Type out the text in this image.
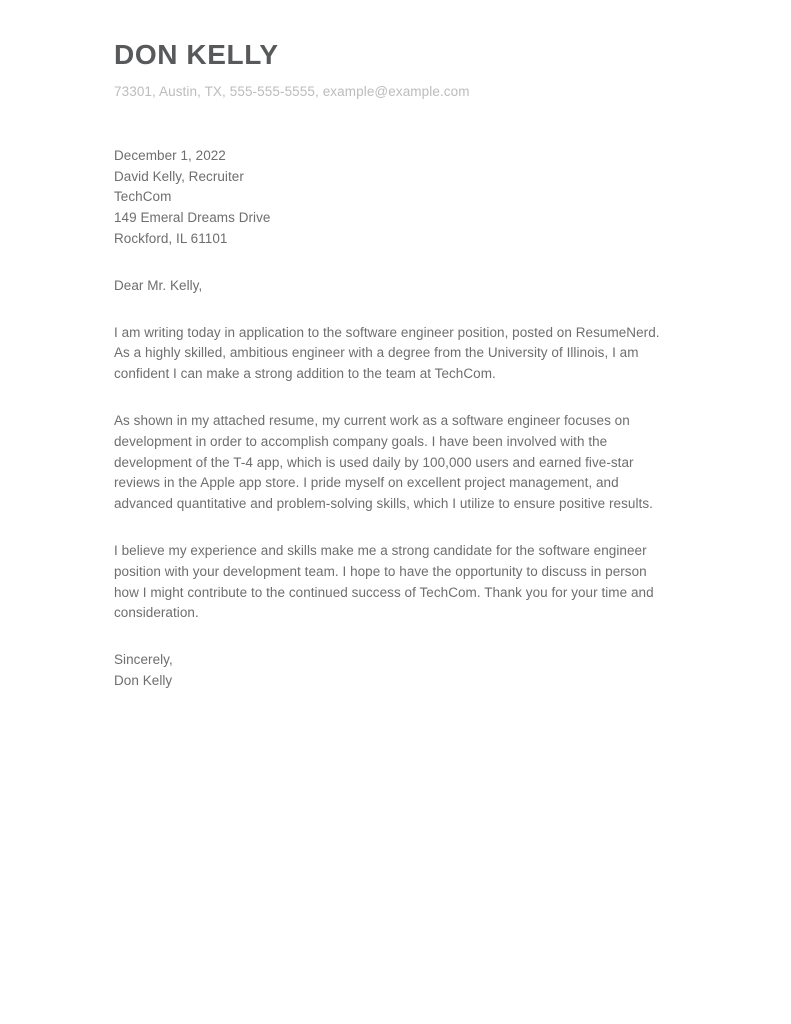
DON KELLY

73301, Austin, TX, 555-555-5555, example@example.com

December 1, 2022

David Kelly, Recruiter

TechCom

149 Emeral Dreams Drive

Rockford, IL 61101

Dear Mr. Kelly,

I am writing today in application to the software engineer position, posted on ResumeNerd. As a highly skilled, ambitious engineer with a degree from the University of Illinois, I am confident I can make a strong addition to the team at TechCom.

As shown in my attached resume, my current work as a software engineer focuses on development in order to accomplish company goals. I have been involved with the development of the T-4 app, which is used daily by 100,000 users and earned five-star reviews in the Apple app store. I pride myself on excellent project management, and advanced quantitative and problem-solving skills, which I utilize to ensure positive results.

I believe my experience and skills make me a strong candidate for the software engineer position with your development team. I hope to have the opportunity to discuss in person how I might contribute to the continued success of TechCom. Thank you for your time and consideration.

Sincerely,

Don Kelly
